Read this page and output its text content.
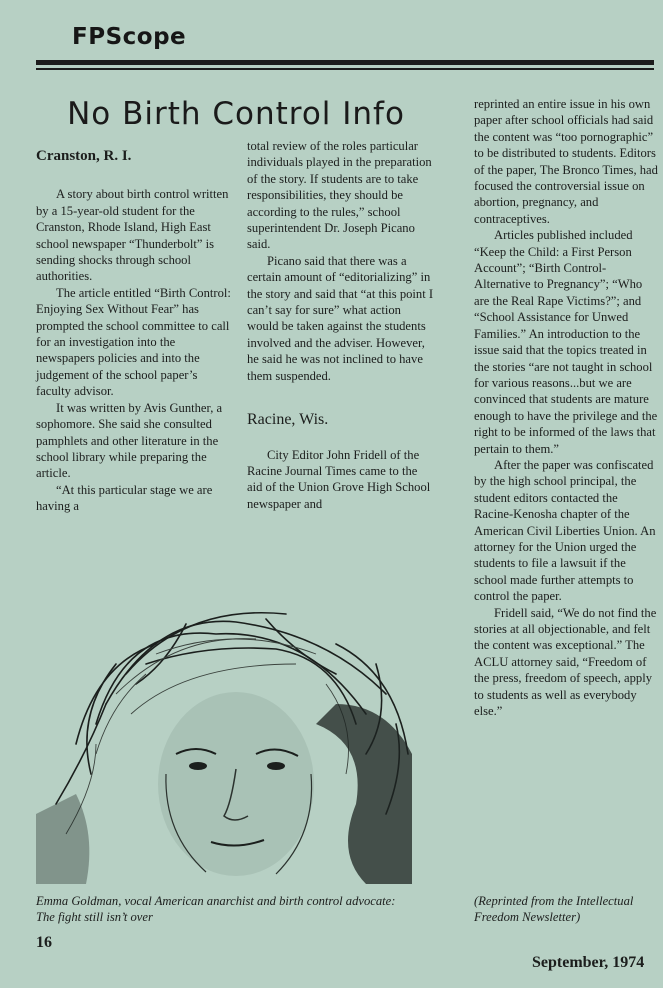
FPScope
No Birth Control Info

Cranston, R. I.

A story about birth control written by a 15-year-old student for the Cranston, Rhode Island, High East school newspaper “Thunderbolt” is sending shocks through school authorities.

The article entitled “Birth Control: Enjoying Sex Without Fear” has prompted the school committee to call for an investigation into the newspapers policies and into the judgement of the school paper’s faculty advisor.

It was written by Avis Gunther, a sophomore. She said she consulted pamphlets and other literature in the school library while preparing the article.

“At this particular stage we are having a

total review of the roles particular individuals played in the preparation of the story. If students are to take responsibilities, they should be according to the rules,” school superintendent Dr. Joseph Picano said.

Picano said that there was a certain amount of “editorializing” in the story and said that “at this point I can’t say for sure” what action would be taken against the students involved and the adviser. However, he said he was not inclined to have them suspended.

Racine, Wis.

City Editor John Fridell of the Racine Journal Times came to the aid of the Union Grove High School newspaper and

reprinted an entire issue in his own paper after school officials had said the content was “too pornographic” to be distributed to students. Editors of the paper, The Bronco Times, had focused the controversial issue on abortion, pregnancy, and contraceptives.

Articles published included “Keep the Child: a First Person Account”; “Birth Control-Alternative to Pregnancy”; “Who are the Real Rape Victims?”; and “School Assistance for Unwed Families.” An introduction to the issue said that the topics treated in the stories “are not taught in school for various reasons...but we are convinced that students are mature enough to have the privilege and the right to be informed of the laws that pertain to them.”

After the paper was confiscated by the high school principal, the student editors contacted the Racine-Kenosha chapter of the American Civil Liberties Union. An attorney for the Union urged the students to file a lawsuit if the school made further attempts to control the paper.

Fridell said, “We do not find the stories at all objectionable, and felt the content was exceptional.” The ACLU attorney said, “Freedom of the press, freedom of speech, apply to students as well as everybody else.”

Emma Goldman, vocal American anarchist and birth control advocate: The fight still isn’t over
(Reprinted from the Intellectual Freedom Newsletter)
16
September, 1974
